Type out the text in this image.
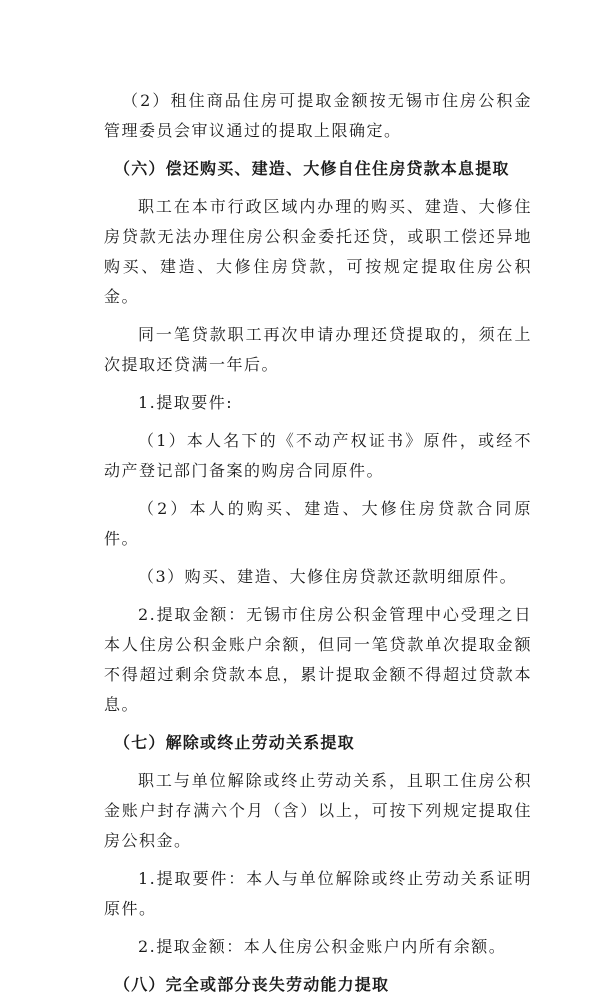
（2）租住商品住房可提取金额按无锡市住房公积金管理委员会审议通过的提取上限确定。

（六）偿还购买、建造、大修自住住房贷款本息提取

职工在本市行政区域内办理的购买、建造、大修住房贷款无法办理住房公积金委托还贷，或职工偿还异地购买、建造、大修住房贷款，可按规定提取住房公积金。

同一笔贷款职工再次申请办理还贷提取的，须在上次提取还贷满一年后。

1.提取要件:

（1）本人名下的《不动产权证书》原件，或经不动产登记部门备案的购房合同原件。

（2）本人的购买、建造、大修住房贷款合同原件。

（3）购买、建造、大修住房贷款还款明细原件。

2.提取金额：无锡市住房公积金管理中心受理之日本人住房公积金账户余额，但同一笔贷款单次提取金额不得超过剩余贷款本息，累计提取金额不得超过贷款本息。

（七）解除或终止劳动关系提取

职工与单位解除或终止劳动关系，且职工住房公积金账户封存满六个月（含）以上，可按下列规定提取住房公积金。

1.提取要件：本人与单位解除或终止劳动关系证明原件。

2.提取金额：本人住房公积金账户内所有余额。

（八）完全或部分丧失劳动能力提取
